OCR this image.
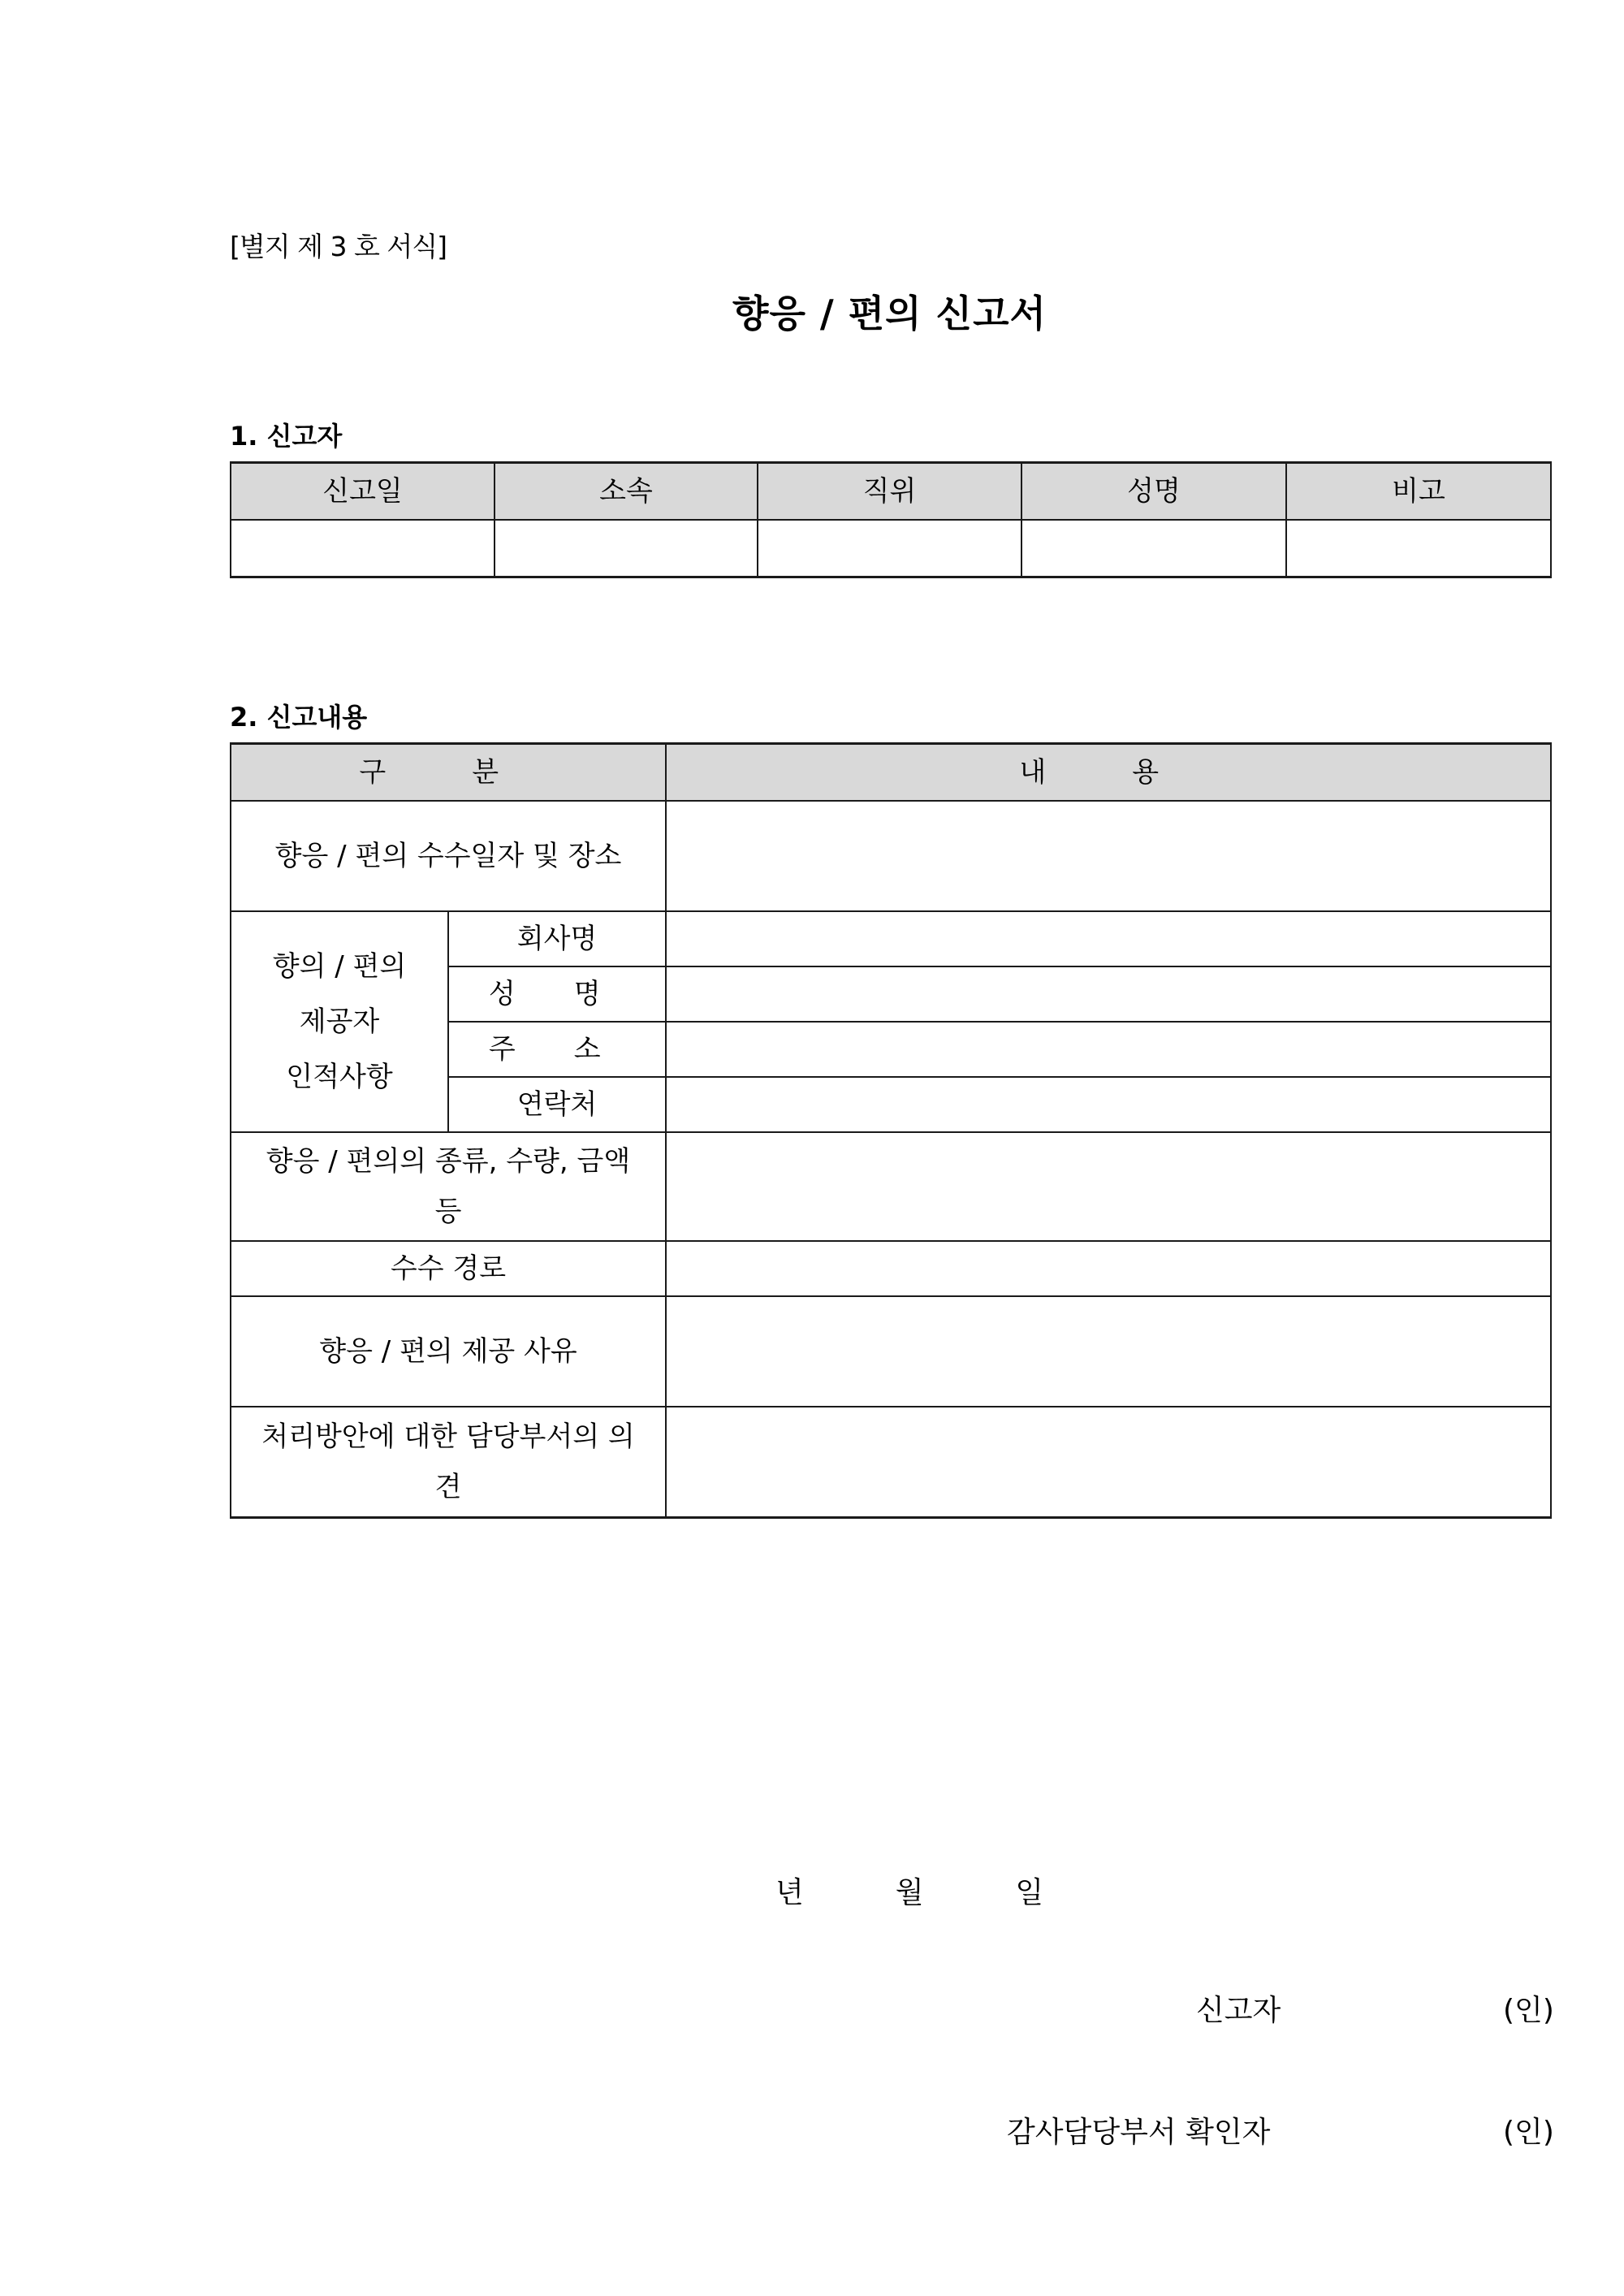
[별지 제 3 호 서식]
향응 / 편의 신고서
1. 신고자
신고일	소속	직위	성명	비고

2. 신고내용
구 분		내 용
향응 / 편의 수수일자 및 장소		

향의 / 편의
제공자
인적사항	회사명	
	성 명	
	주 소	
	연락처	

향응 / 편의의 종류, 수량, 금액
등		

수수 경로		
향응 / 편의 제공 사유		

처리방안에 대한 담당부서의 의
견		

년	월	일
신고자	(인)
감사담당부서 확인자	(인)
